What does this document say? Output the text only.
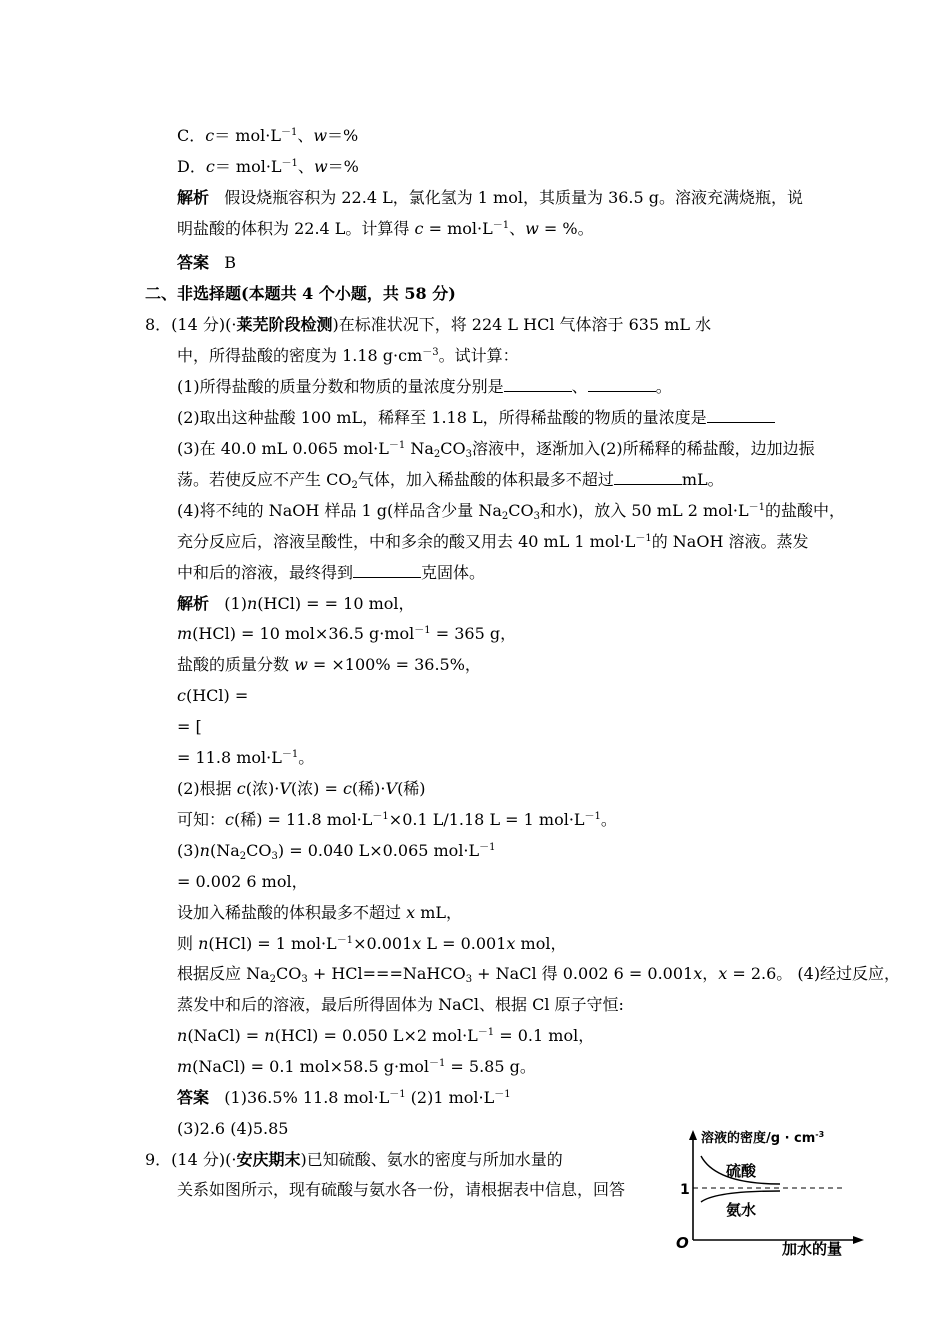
C．$c= mol\cdot L^{-1}$、w＝%
D．$c= mol\cdot L^{-1}$、w＝%
解析 假设烧瓶容积为 22.4 L，氯化氢为 1 mol，其质量为 36.5 g。溶液充满烧瓶，说
明盐酸的体积为 22.4 L。计算得 $c = mol\cdot L^{-1}$、w = %。
答案 B
二、非选择题(本题共 4 个小题，共 58 分)
8．(14 分)(·莱芜阶段检测)在标准状况下，将 224 L HCl 气体溶于 635 mL 水
中，所得盐酸的密度为 1.18 $g\cdot cm^{-3}$。试计算：
(1)所得盐酸的质量分数和物质的量浓度分别是	、	。
(2)取出这种盐酸 100 mL，稀释至 1.18 L，所得稀盐酸的物质的量浓度是
(3)在 40.0 mL 0.065 $mol\cdot L^{-1}$ $Na_2CO_3$溶液中，逐渐加入(2)所稀释的稀盐酸，边加边振
荡。若使反应不产生 $CO_2$气体，加入稀盐酸的体积最多不超过	mL。
(4)将不纯的 NaOH 样品 1 g(样品含少量 $Na_2CO_3$和水)，放入 50 mL 2 $mol\cdot L^{-1}$的盐酸中，
充分反应后，溶液呈酸性，中和多余的酸又用去 40 mL 1 $mol\cdot L^{-1}$的 NaOH 溶液。蒸发
中和后的溶液，最终得到	克固体。
解析 (1)n(HCl) = = 10 mol，
m(HCl) = 10 mol×36.5 g·mol$^{-1}$ = 365 g，
盐酸的质量分数 w = ×100% = 36.5%，
c(HCl) =
= [
= 11.8 $mol\cdot L^{-1}$。
(2)根据 c(浓)·V(浓) = c(稀)·V(稀)
可知：c(稀) = 11.8 $mol\cdot L^{-1}\times 0.1$ L/1.18 L = 1 $mol\cdot L^{-1}$。
$(3)n(Na_2CO_3) = 0.040$ L×0.065 $mol\cdot L^{-1}$
= 0.002 6 mol，
设加入稀盐酸的体积最多不超过 x mL，
则 n(HCl) = 1 $mol\cdot L^{-1}\times 0.001x$ L = 0.001x mol，
根据反应 $Na_2CO_3$ + HCl===NaHCO$_3$ + NaCl 得 0.002 6 = 0.001x，x = 2.6。 (4)经过反应，
蒸发中和后的溶液，最后所得固体为 NaCl、根据 Cl 原子守恒:
n(NaCl) = n(HCl) = 0.050 L×2 $mol\cdot L^{-1} = 0.1$ mol，
m(NaCl) = 0.1 mol×58.5 g·mol$^{-1}$ = 5.85 g。
答案 (1)36.5% 11.8 $mol\cdot L^{-1}$ (2)1 $mol\cdot L^{-1}$
(3)2.6 (4)5.85
9．(14 分)(·安庆期末)已知硫酸、氨水的密度与所加水量的
关系如图所示，现有硫酸与氨水各一份，请根据表中信息，回答
溶液的密度$/g \cdot cm^{-3}$
加水的量
O
1
硫酸
氨水
